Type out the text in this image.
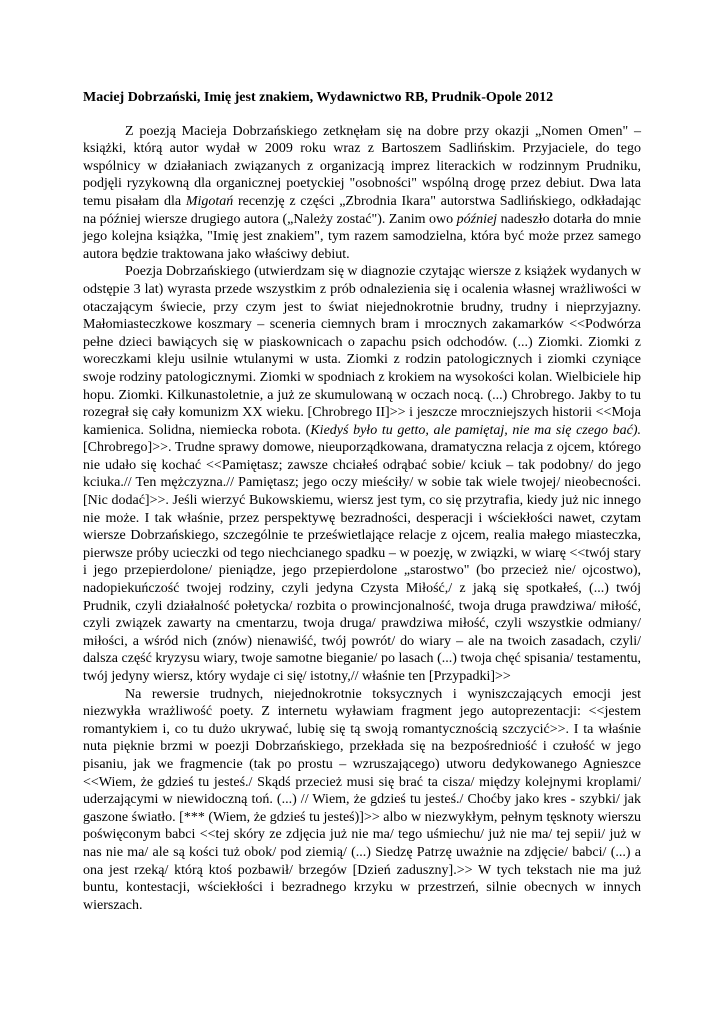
Maciej Dobrzański, Imię jest znakiem, Wydawnictwo RB, Prudnik-Opole 2012

Z poezją Macieja Dobrzańskiego zetknęłam się na dobre przy okazji „Nomen Omen" – książki, którą autor wydał w 2009 roku wraz z Bartoszem Sadlińskim. Przyjaciele, do tego wspólnicy w działaniach związanych z organizacją imprez literackich w rodzinnym Prudniku, podjęli ryzykowną dla organicznej poetyckiej "osobności" wspólną drogę przez debiut. Dwa lata temu pisałam dla Migotań recenzję z części „Zbrodnia Ikara" autorstwa Sadlińskiego, odkładając na później wiersze drugiego autora („Należy zostać"). Zanim owo później nadeszło dotarła do mnie jego kolejna książka, "Imię jest znakiem", tym razem samodzielna, która być może przez samego autora będzie traktowana jako właściwy debiut.

Poezja Dobrzańskiego (utwierdzam się w diagnozie czytając wiersze z książek wydanych w odstępie 3 lat) wyrasta przede wszystkim z prób odnalezienia się i ocalenia własnej wrażliwości w otaczającym świecie, przy czym jest to świat niejednokrotnie brudny, trudny i nieprzyjazny. Małomiasteczkowe koszmary – sceneria ciemnych bram i mrocznych zakamarków <<Podwórza pełne dzieci bawiących się w piaskownicach o zapachu psich odchodów. (...) Ziomki. Ziomki z woreczkami kleju usilnie wtulanymi w usta. Ziomki z rodzin patologicznych i ziomki czyniące swoje rodziny patologicznymi. Ziomki w spodniach z krokiem na wysokości kolan. Wielbiciele hip hopu. Ziomki. Kilkunastoletnie, a już ze skumulowaną w oczach nocą. (...) Chrobrego. Jakby to tu rozegrał się cały komunizm XX wieku. [Chrobrego II]>> i jeszcze mroczniejszych historii <<Moja kamienica. Solidna, niemiecka robota. (Kiedyś było tu getto, ale pamiętaj, nie ma się czego bać). [Chrobrego]>>. Trudne sprawy domowe, nieuporządkowana, dramatyczna relacja z ojcem, którego nie udało się kochać <<Pamiętasz; zawsze chciałeś odrąbać sobie/ kciuk – tak podobny/ do jego kciuka.// Ten mężczyzna.// Pamiętasz; jego oczy mieściły/ w sobie tak wiele twojej/ nieobecności. [Nic dodać]>>. Jeśli wierzyć Bukowskiemu, wiersz jest tym, co się przytrafia, kiedy już nic innego nie może. I tak właśnie, przez perspektywę bezradności, desperacji i wściekłości nawet, czytam wiersze Dobrzańskiego, szczególnie te prześwietlające relacje z ojcem, realia małego miasteczka, pierwsze próby ucieczki od tego niechcianego spadku – w poezję, w związki, w wiarę <<twój stary i jego przepierdolone/ pieniądze, jego przepierdolone „starostwo" (bo przecież nie/ ojcostwo), nadopiekuńczość twojej rodziny, czyli jedyna Czysta Miłość,/ z jaką się spotkałeś, (...) twój Prudnik, czyli działalność połetycka/ rozbita o prowincjonalność, twoja druga prawdziwa/ miłość, czyli związek zawarty na cmentarzu, twoja druga/ prawdziwa miłość, czyli wszystkie odmiany/ miłości, a wśród nich (znów) nienawiść, twój powrót/ do wiary – ale na twoich zasadach, czyli/ dalsza część kryzysu wiary, twoje samotne bieganie/ po lasach (...) twoja chęć spisania/ testamentu, twój jedyny wiersz, który wydaje ci się/ istotny,// właśnie ten [Przypadki]>>

Na rewersie trudnych, niejednokrotnie toksycznych i wyniszczających emocji jest niezwykła wrażliwość poety. Z internetu wyławiam fragment jego autoprezentacji: <<jestem romantykiem i, co tu dużo ukrywać, lubię się tą swoją romantycznością szczycić>>. I ta właśnie nuta pięknie brzmi w poezji Dobrzańskiego, przekłada się na bezpośredniość i czułość w jego pisaniu, jak we fragmencie (tak po prostu – wzruszającego) utworu dedykowanego Agnieszce <<Wiem, że gdzieś tu jesteś./ Skądś przecież musi się brać ta cisza/ między kolejnymi kroplami/ uderzającymi w niewidoczną toń. (...) // Wiem, że gdzieś tu jesteś./ Choćby jako kres - szybki/ jak gaszone światło. [*** (Wiem, że gdzieś tu jesteś)]>> albo w niezwykłym, pełnym tęsknoty wierszu poświęconym babci <<tej skóry ze zdjęcia już nie ma/ tego uśmiechu/ już nie ma/ tej sepii/ już w nas nie ma/ ale są kości tuż obok/ pod ziemią/ (...) Siedzę Patrzę uważnie na zdjęcie/ babci/ (...) a ona jest rzeką/ którą ktoś pozbawił/ brzegów [Dzień zaduszny].>> W tych tekstach nie ma już buntu, kontestacji, wściekłości i bezradnego krzyku w przestrzeń, silnie obecnych w innych wierszach.
